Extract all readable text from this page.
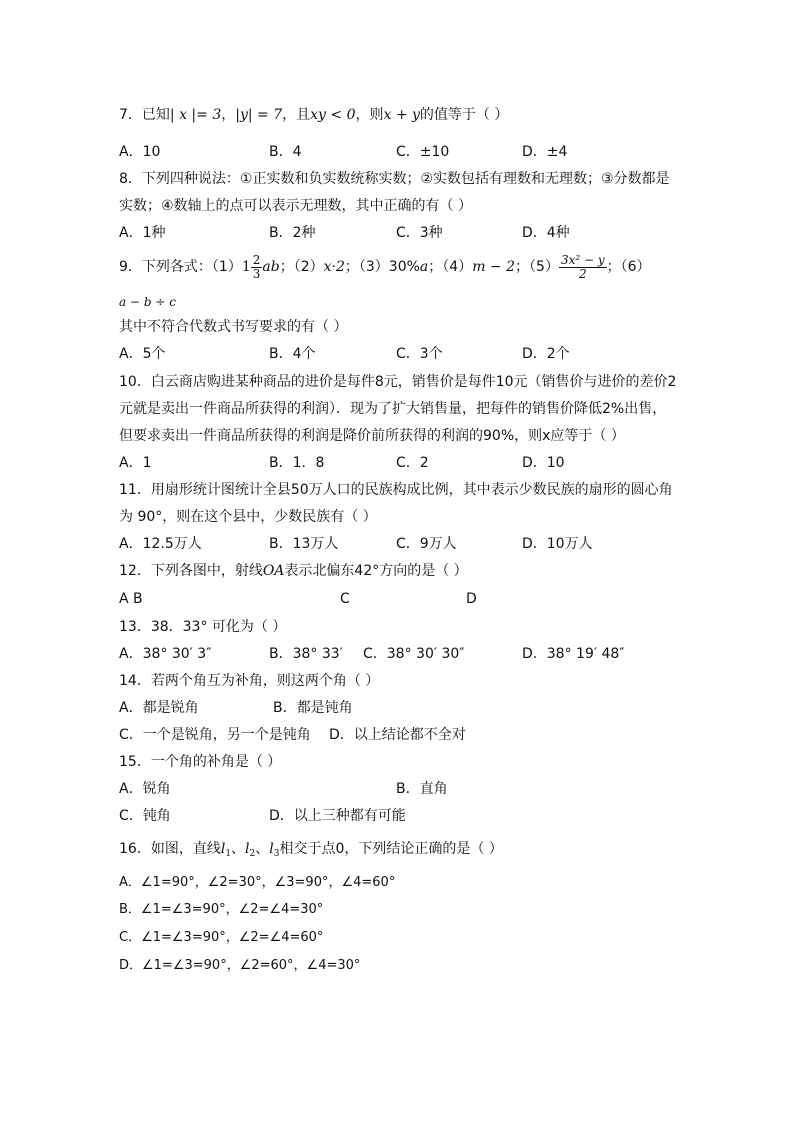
7．已知| x |= 3，|y| = 7，且xy < 0，则x + y的值等于（ ）
A．10	B．4	C．±10	D．±4
8．下列四种说法：①正实数和负实数统称实数；②实数包括有理数和无理数；③分数都是
实数；④数轴上的点可以表示无理数，其中正确的有（ ）
A．1种	B．2种	C．3种	D．4种
9．下列各式：$(1)1 \frac{2}{3}$ ab；（2）x·2；（3）30%a；（4）m − 2；$(5) \frac{\text{3x² − y}}{2}$ ；（6）
a − b ÷ c
其中不符合代数式书写要求的有（ ）
A．5个	B．4个	C．3个	D．2个
10．白云商店购进某种商品的进价是每件8元，销售价是每件10元（销售价与进价的差价2
元就是卖出一件商品所获得的利润）．现为了扩大销售量，把每件的销售价降低2%出售，
但要求卖出一件商品所获得的利润是降价前所获得的利润的90%，则x应等于（ ）
A．1	B．1．8	C．2	D．10
11．用扇形统计图统计全县50万人口的民族构成比例，其中表示少数民族的扇形的圆心角
为 90°，则在这个县中，少数民族有（ ）
A．12.5万人	B．13万人	C．9万人	D．10万人
12．下列各图中，射线OA表示北偏东42°方向的是（ ）
A B	C	D
13．38．33° 可化为（ ）
A．38° 30′ 3″	B．38° 33′ C．38° 30′ 30″	D．38° 19′ 48″
14．若两个角互为补角，则这两个角（ ）
A．都是锐角	B．都是钝角
C．一个是锐角，另一个是钝角 D．以上结论都不全对
15．一个角的补角是（ ）
A．锐角	B．直角
C．钝角	D．以上三种都有可能
16．如图，直线$l_1$、$l_2$、$l_3$相交于点0，下列结论正确的是（ ）
A．∠1=90°，∠2=30°，∠3=90°，∠4=60°
B．∠1=∠3=90°，∠2=∠4=30°
C．∠1=∠3=90°，∠2=∠4=60°
D．∠1=∠3=90°，∠2=60°，∠4=30°
